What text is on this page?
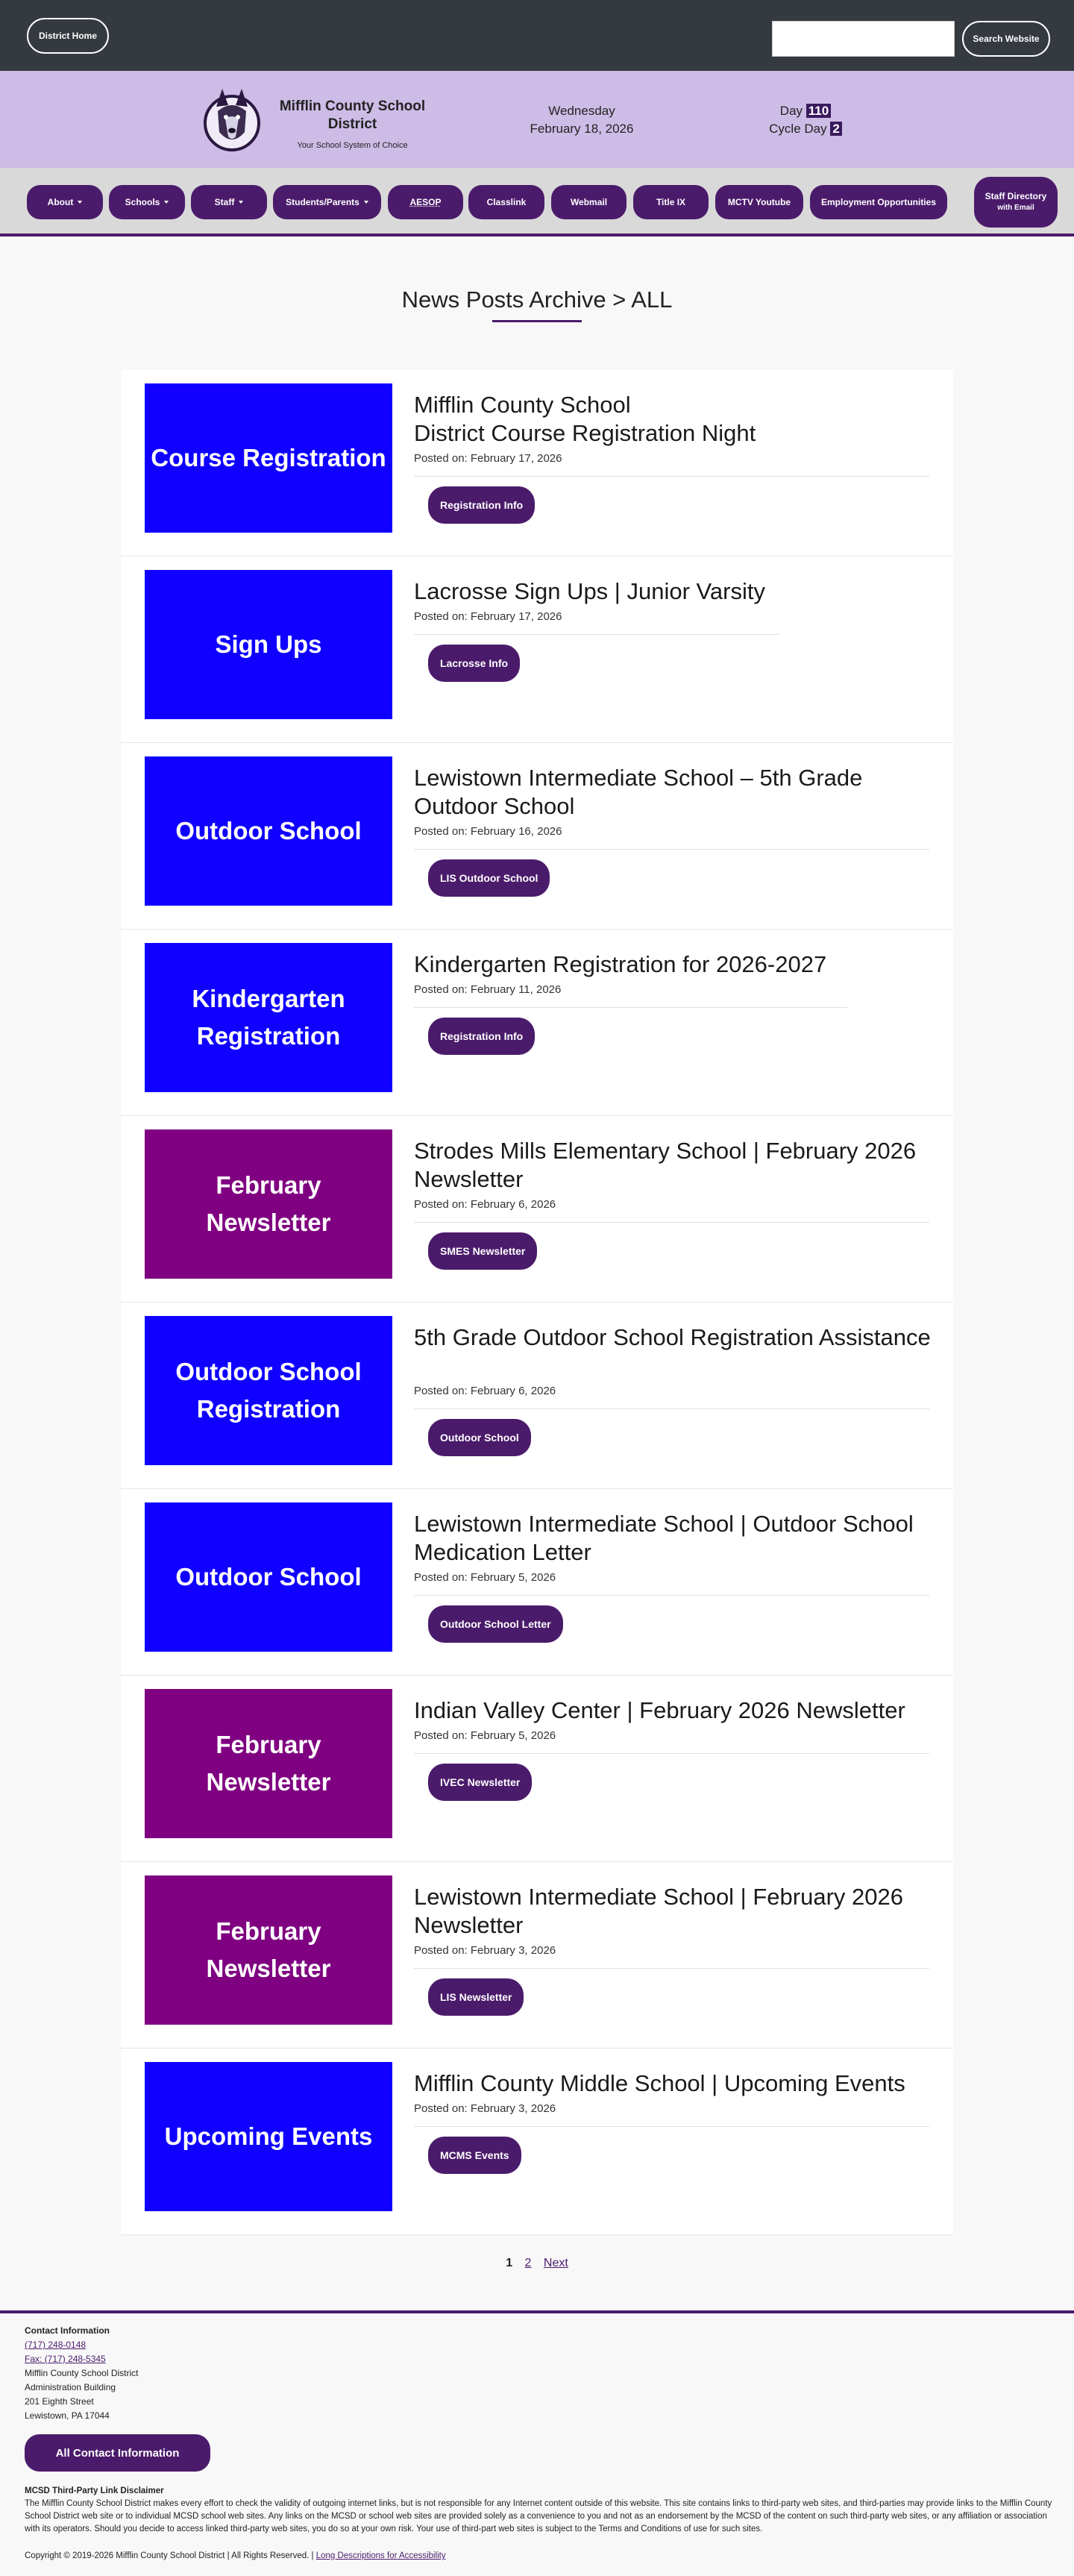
District Home	Search Website
Mifflin County School District
Your School System of Choice
Wednesday
February 18, 2026
Day 110
Cycle Day 2
About	Schools	Staff	Students/Parents	AESOP	Classlink	Webmail	Title IX	MCTV Youtube	Employment Opportunities
Staff Directory
with Email
News Posts Archive > ALL
Course Registration
Mifflin County School
District Course Registration Night
Posted on: February 17, 2026
Registration Info
Sign Ups
Lacrosse Sign Ups | Junior Varsity
Posted on: February 17, 2026
Lacrosse Info
Outdoor School
Lewistown Intermediate School – 5th Grade Outdoor School
Posted on: February 16, 2026
LIS Outdoor School
Kindergarten Registration
Kindergarten Registration for 2026-2027
Posted on: February 11, 2026
Registration Info
February Newsletter
Strodes Mills Elementary School | February 2026 Newsletter
Posted on: February 6, 2026
SMES Newsletter
Outdoor School Registration
5th Grade Outdoor School Registration Assistance
Posted on: February 6, 2026
Outdoor School
Outdoor School
Lewistown Intermediate School | Outdoor School Medication Letter
Posted on: February 5, 2026
Outdoor School Letter
February Newsletter
Indian Valley Center | February 2026 Newsletter
Posted on: February 5, 2026
IVEC Newsletter
February Newsletter
Lewistown Intermediate School | February 2026 Newsletter
Posted on: February 3, 2026
LIS Newsletter
Upcoming Events
Mifflin County Middle School | Upcoming Events
Posted on: February 3, 2026
MCMS Events
1 2 Next
Contact Information
(717) 248-0148
Fax: (717) 248-5345
Mifflin County School District
Administration Building
201 Eighth Street
Lewistown, PA 17044
All Contact Information
MCSD Third-Party Link Disclaimer
The Mifflin County School District makes every effort to check the validity of outgoing internet links, but is not responsible for any Internet content outside of this website. This site contains links to third-party web sites, and third-parties may provide links to the Mifflin County School District web site or to individual MCSD school web sites. Any links on the MCSD or school web sites are provided solely as a convenience to you and not as an endorsement by the MCSD of the content on such third-party web sites, or any affiliation or association with its operators. Should you decide to access linked third-party web sites, you do so at your own risk. Your use of third-part web sites is subject to the Terms and Conditions of use for such sites.
Copyright © 2019-2026 Mifflin County School District | All Rights Reserved. | Long Descriptions for Accessibility
